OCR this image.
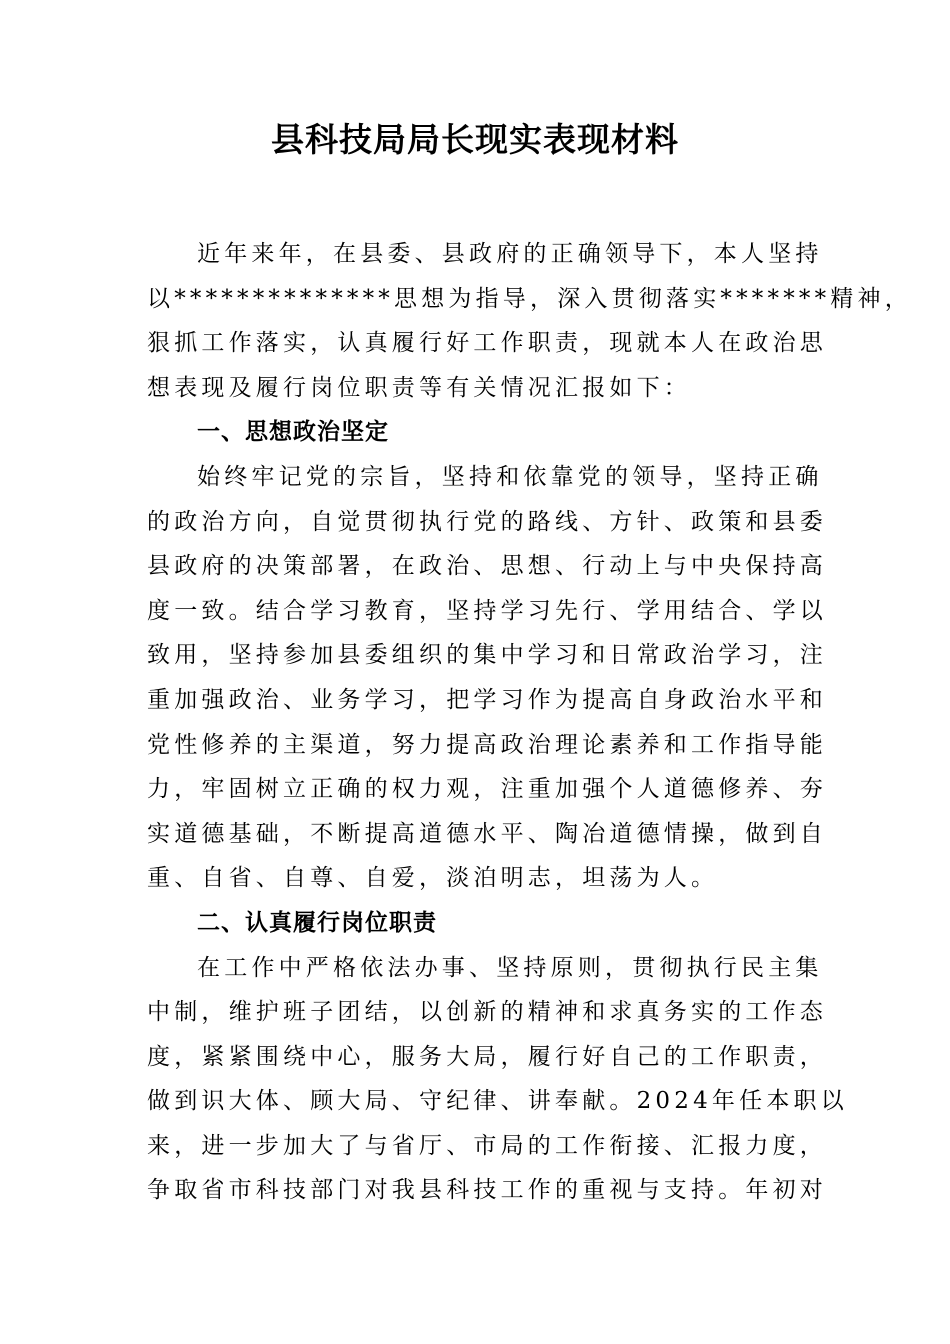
县科技局局长现实表现材料
近年来年，在县委、县政府的正确领导下，本人坚持
以**************思想为指导，深入贯彻落实*******精神，
狠抓工作落实，认真履行好工作职责，现就本人在政治思
想表现及履行岗位职责等有关情况汇报如下：
一、思想政治坚定
始终牢记党的宗旨，坚持和依靠党的领导，坚持正确
的政治方向，自觉贯彻执行党的路线、方针、政策和县委
县政府的决策部署，在政治、思想、行动上与中央保持高
度一致。结合学习教育，坚持学习先行、学用结合、学以
致用，坚持参加县委组织的集中学习和日常政治学习，注
重加强政治、业务学习，把学习作为提高自身政治水平和
党性修养的主渠道，努力提高政治理论素养和工作指导能
力，牢固树立正确的权力观，注重加强个人道德修养、夯
实道德基础，不断提高道德水平、陶冶道德情操，做到自
重、自省、自尊、自爱，淡泊明志，坦荡为人。
二、认真履行岗位职责
在工作中严格依法办事、坚持原则，贯彻执行民主集
中制，维护班子团结，以创新的精神和求真务实的工作态
度，紧紧围绕中心，服务大局，履行好自己的工作职责，
做到识大体、顾大局、守纪律、讲奉献。2024年任本职以
来，进一步加大了与省厅、市局的工作衔接、汇报力度，
争取省市科技部门对我县科技工作的重视与支持。年初对
